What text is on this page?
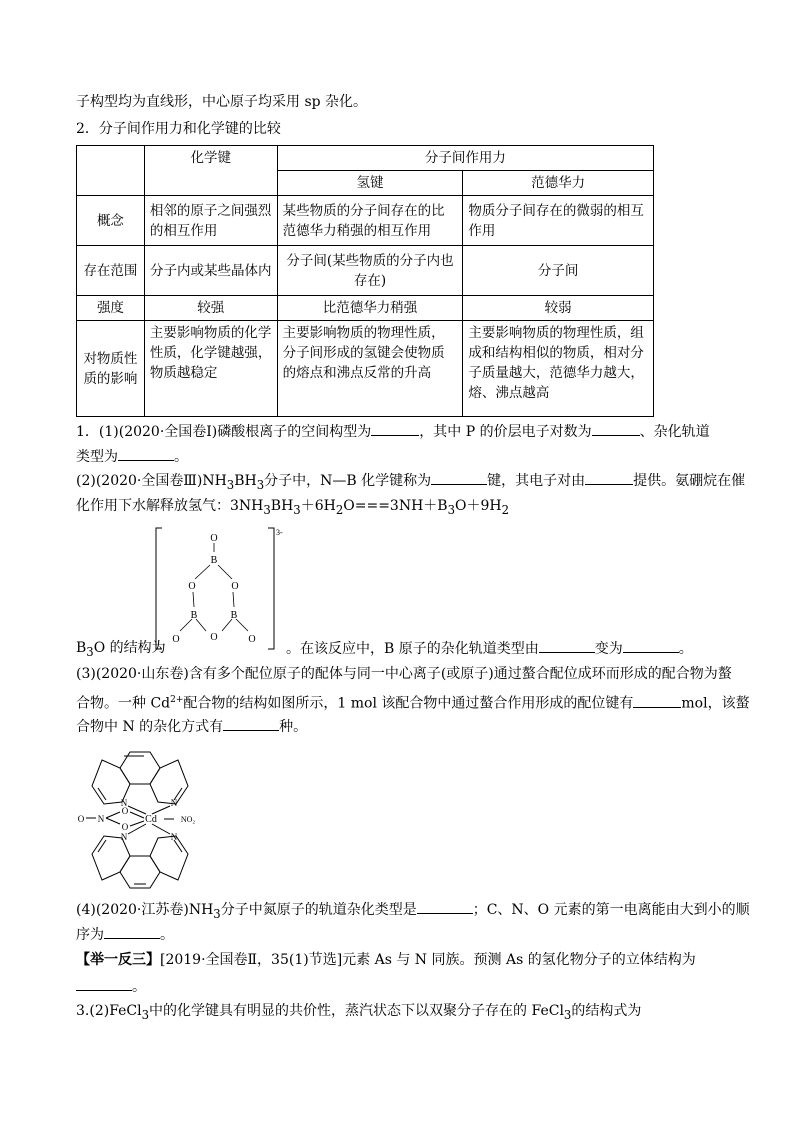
子构型均为直线形，中心原子均采用 sp 杂化。
2．分子间作用力和化学键的比较
	化学键	分子间作用力	
		氢键	范德华力
概念	相邻的原子之间强烈的相互作用	某些物质的分子间存在的比范德华力稍强的相互作用	物质分子间存在的微弱的相互作用
存在范围	分子内或某些晶体内	分子间(某些物质的分子内也存在)	分子间
强度	较强	比范德华力稍强	较弱
对物质性质的影响	主要影响物质的化学性质，化学键越强，物质越稳定	主要影响物质的物理性质，分子间形成的氢键会使物质的熔点和沸点反常的升高	主要影响物质的物理性质，组成和结构相似的物质，相对分子质量越大，范德华力越大，熔、沸点越高
1．(1)(2020·全国卷Ⅰ)磷酸根离子的空间构型为	，其中 P 的价层电子对数为	、杂化轨道
类型为	。
(2)(2020·全国卷$Ⅲ)NH_3BH_3$分子中，N—B 化学键称为	键，其电子对由	提供。氨硼烷在催
化作用下水解释放氢气：$3NH_3BH_3+6H_2O===3NH+B_3O+9H_2$
3-
O
B
O	O
B	B
O
O	O
$B_3O$ 的结构为	。在该反应中，B 原子的杂化轨道类型由	变为	。
(3)(2020·山东卷)含有多个配位原子的配体与同一中心离子(或原子)通过螯合配位成环而形成的配合物为螯
合物。一种 $Cd^{2+}$配合物的结构如图所示，1 mol 该配合物中通过螯合作用形成的配位键有	mol，该螯
合物中 N 的杂化方式有	种。
N	N
N	N
Cd
O
O
N
O	NO₂
(4)(2020·江苏卷)$NH_3$分子中氮原子的轨道杂化类型是	；C、N、O 元素的第一电离能由大到小的顺
序为	。
【举一反三】[2019·全国卷Ⅱ，35(1)节选]元素 As 与 N 同族。预测 As 的氢化物分子的立体结构为
。
3.(2)FeCl$_3$中的化学键具有明显的共价性，蒸汽状态下以双聚分子存在的 FeCl$_3$的结构式为
